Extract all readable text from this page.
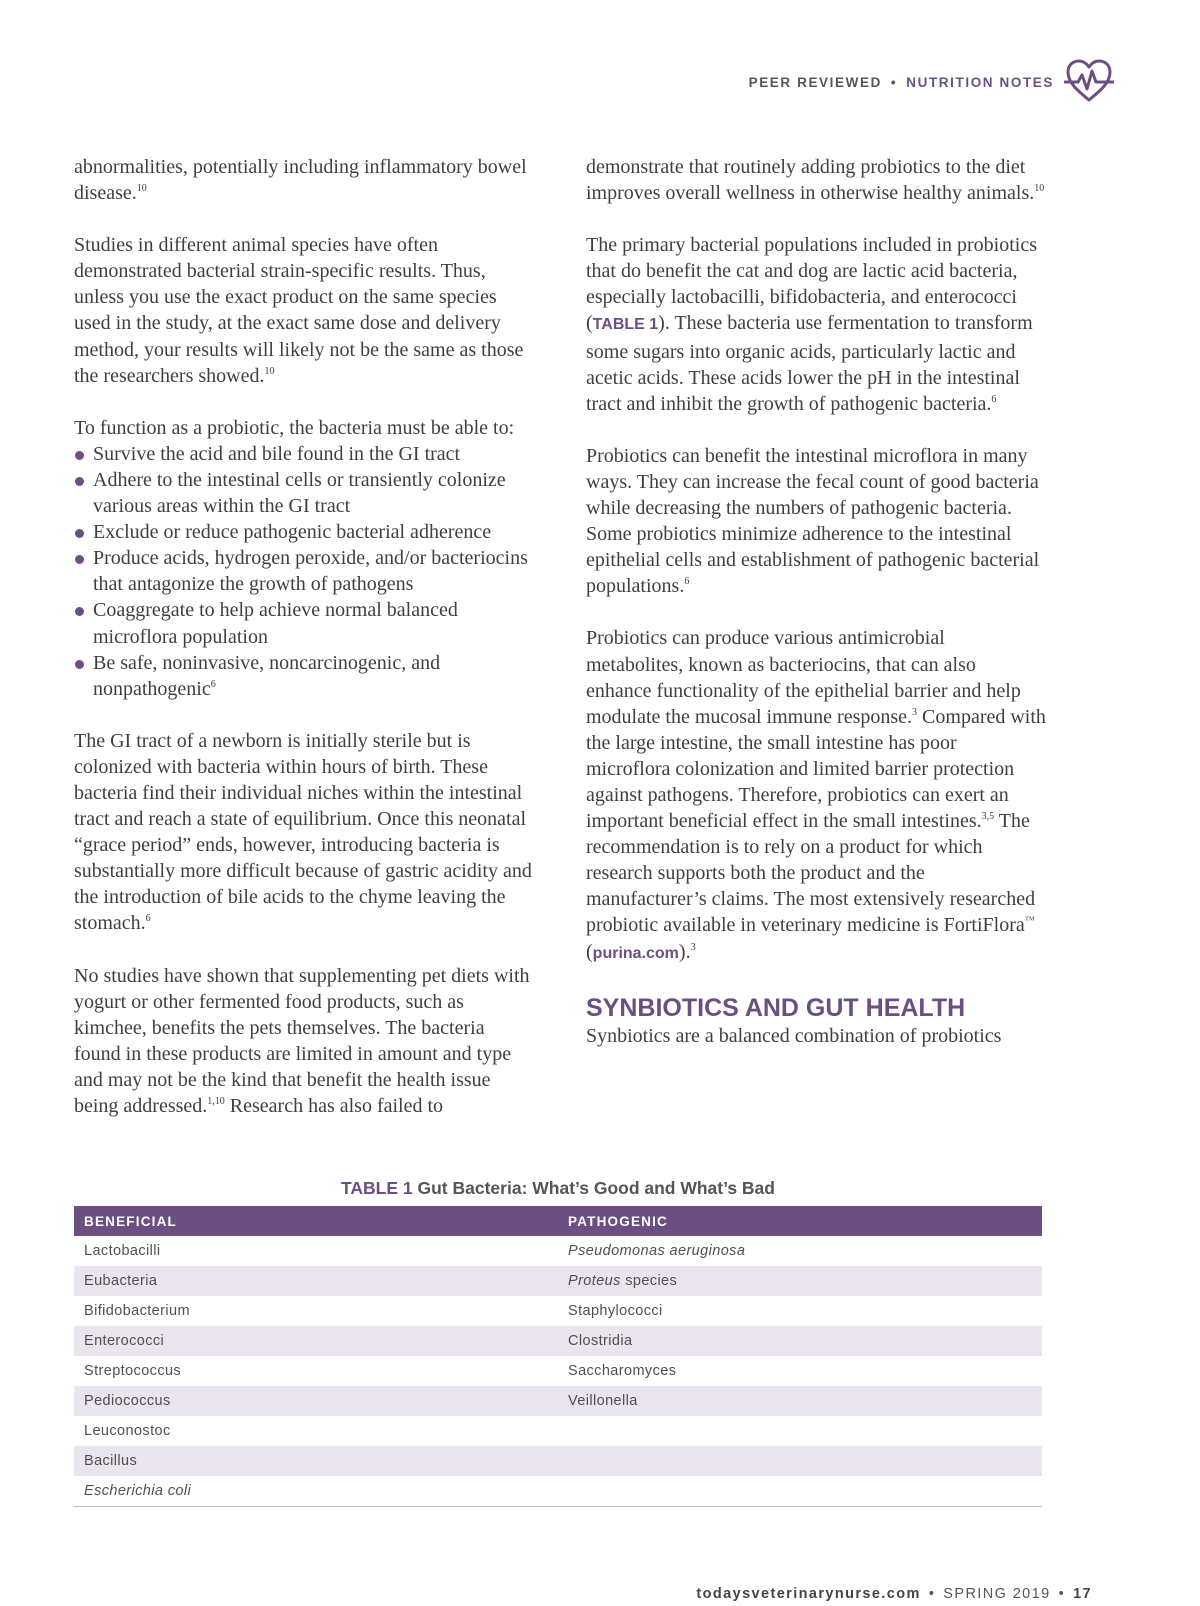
PEER REVIEWED • NUTRITION NOTES

abnormalities, potentially including inflammatory bowel disease.$^{10}$

Studies in different animal species have often demonstrated bacterial strain-specific results. Thus, unless you use the exact product on the same species used in the study, at the exact same dose and delivery method, your results will likely not be the same as those the researchers showed.$^{10}$

To function as a probiotic, the bacteria must be able to:

Survive the acid and bile found in the GI tract
Adhere to the intestinal cells or transiently colonize various areas within the GI tract
Exclude or reduce pathogenic bacterial adherence
Produce acids, hydrogen peroxide, and/or bacteriocins that antagonize the growth of pathogens
Coaggregate to help achieve normal balanced microflora population
Be safe, noninvasive, noncarcinogenic, and nonpathogenic$^6$

The GI tract of a newborn is initially sterile but is colonized with bacteria within hours of birth. These bacteria find their individual niches within the intestinal tract and reach a state of equilibrium. Once this neonatal “grace period” ends, however, introducing bacteria is substantially more difficult because of gastric acidity and the introduction of bile acids to the chyme leaving the stomach.$^6$

No studies have shown that supplementing pet diets with yogurt or other fermented food products, such as kimchee, benefits the pets themselves. The bacteria found in these products are limited in amount and type and may not be the kind that benefit the health issue being addressed.$^{1,10}$ Research has also failed to

demonstrate that routinely adding probiotics to the diet improves overall wellness in otherwise healthy animals.$^{10}$

The primary bacterial populations included in probiotics that do benefit the cat and dog are lactic acid bacteria, especially lactobacilli, bifidobacteria, and enterococci (TABLE 1). These bacteria use fermentation to transform some sugars into organic acids, particularly lactic and acetic acids. These acids lower the pH in the intestinal tract and inhibit the growth of pathogenic bacteria.$^6$

Probiotics can benefit the intestinal microflora in many ways. They can increase the fecal count of good bacteria while decreasing the numbers of pathogenic bacteria. Some probiotics minimize adherence to the intestinal epithelial cells and establishment of pathogenic bacterial populations.$^6$

Probiotics can produce various antimicrobial metabolites, known as bacteriocins, that can also enhance functionality of the epithelial barrier and help modulate the mucosal immune response.$^3$ Compared with the large intestine, the small intestine has poor microflora colonization and limited barrier protection against pathogens. Therefore, probiotics can exert an important beneficial effect in the small intestines.$^{3,5}$ The recommendation is to rely on a product for which research supports both the product and the manufacturer’s claims. The most extensively researched probiotic available in veterinary medicine is FortiFlora™ (purina.com).$^3$

SYNBIOTICS AND GUT HEALTH

Synbiotics are a balanced combination of probiotics

TABLE 1 Gut Bacteria: What’s Good and What’s Bad
BENEFICIAL	PATHOGENIC
Lactobacilli	Pseudomonas aeruginosa
Eubacteria	Proteus species
Bifidobacterium	Staphylococci
Enterococci	Clostridia
Streptococcus	Saccharomyces
Pediococcus	Veillonella
Leuconostoc	
Bacillus	
Escherichia coli	
todaysveterinarynurse.com • SPRING 2019 • 17
